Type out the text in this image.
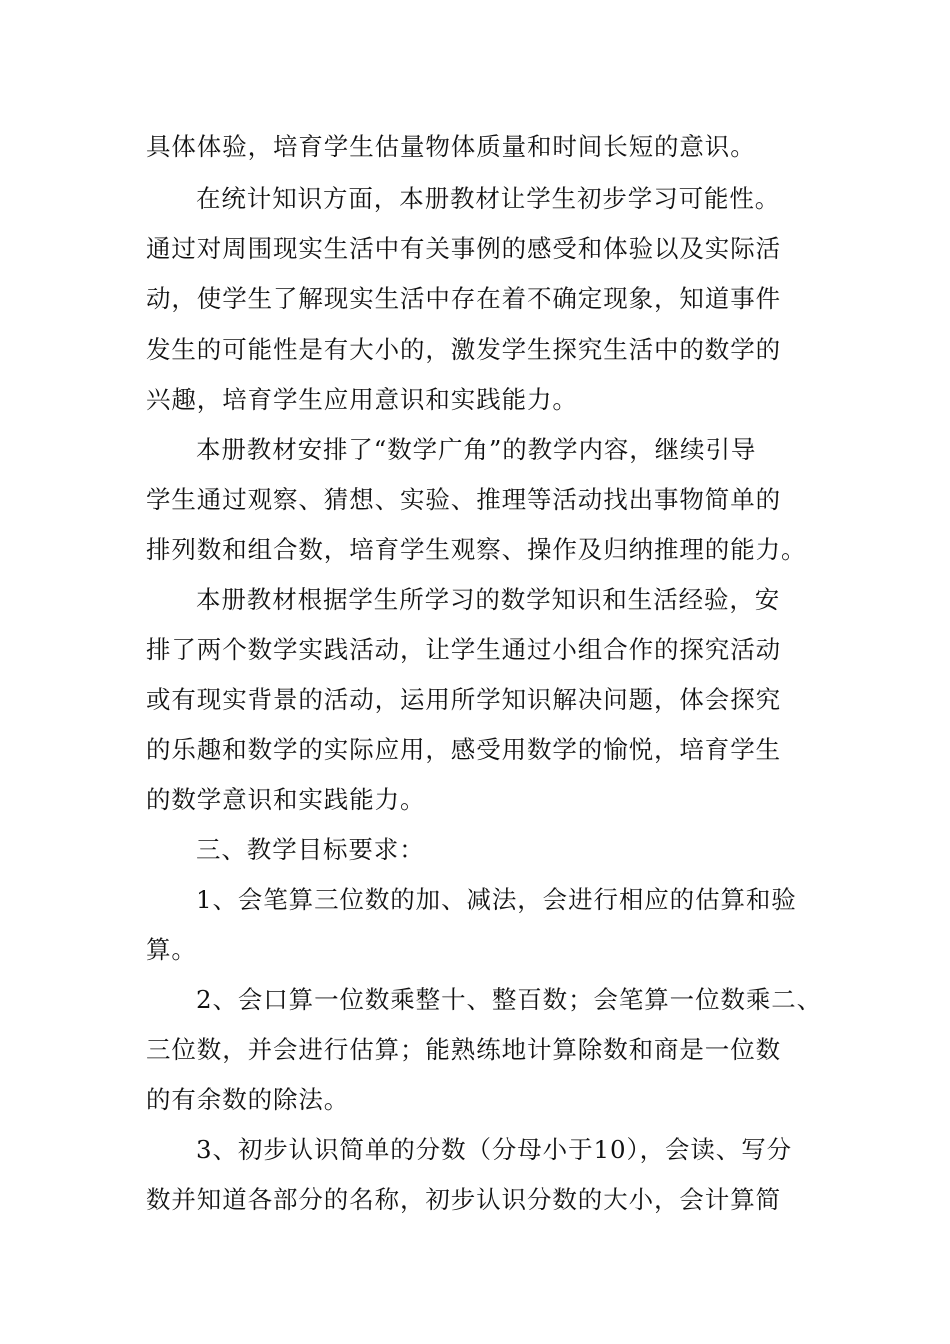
具体体验，培育学生估量物体质量和时间长短的意识。
在统计知识方面，本册教材让学生初步学习可能性。
通过对周围现实生活中有关事例的感受和体验以及实际活
动，使学生了解现实生活中存在着不确定现象，知道事件
发生的可能性是有大小的，激发学生探究生活中的数学的
兴趣，培育学生应用意识和实践能力。
本册教材安排了“数学广角”的教学内容，继续引导
学生通过观察、猜想、实验、推理等活动找出事物简单的
排列数和组合数，培育学生观察、操作及归纳推理的能力。
本册教材根据学生所学习的数学知识和生活经验，安
排了两个数学实践活动，让学生通过小组合作的探究活动
或有现实背景的活动，运用所学知识解决问题，体会探究
的乐趣和数学的实际应用，感受用数学的愉悦，培育学生
的数学意识和实践能力。
三、教学目标要求：
1、会笔算三位数的加、减法，会进行相应的估算和验
算。
2、会口算一位数乘整十、整百数；会笔算一位数乘二、
三位数，并会进行估算；能熟练地计算除数和商是一位数
的有余数的除法。
3、初步认识简单的分数（分母小于10），会读、写分
数并知道各部分的名称，初步认识分数的大小，会计算简
